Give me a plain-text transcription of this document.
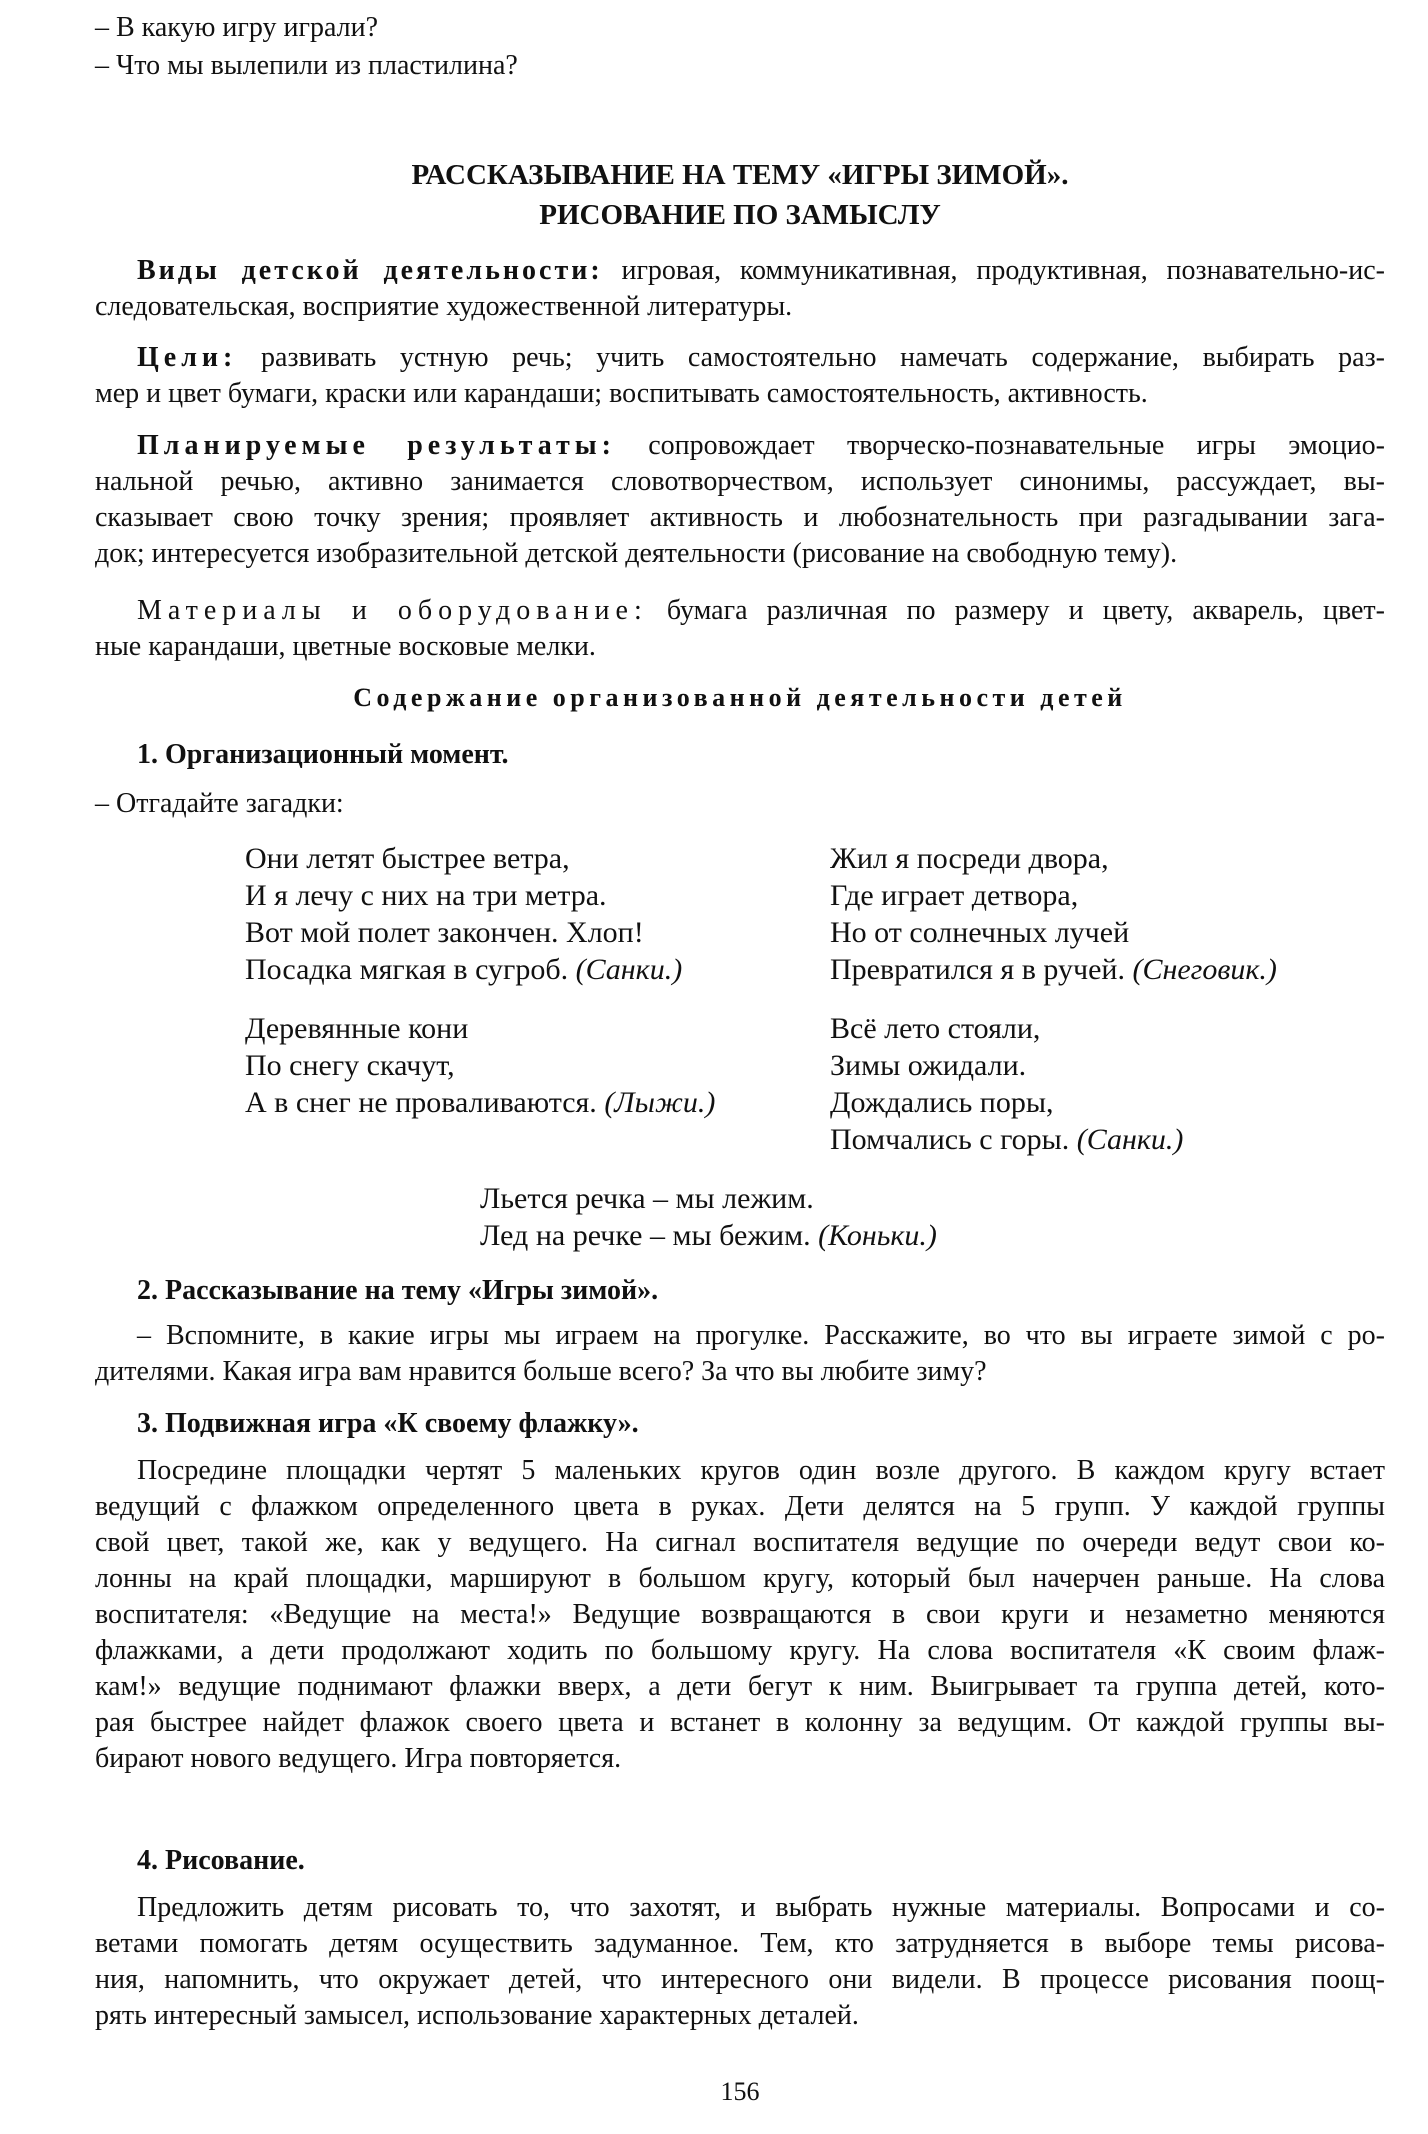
– В какую игру играли?

– Что мы вылепили из пластилина?

РАССКАЗЫВАНИЕ НА ТЕМУ «ИГРЫ ЗИМОЙ».

РИСОВАНИЕ ПО ЗАМЫСЛУ

Виды детской деятельности: игровая, коммуникативная, продуктивная, познавательно-ис-

следовательская, восприятие художественной литературы.

Цели: развивать устную речь; учить самостоятельно намечать содержание, выбирать раз-

мер и цвет бумаги, краски или карандаши; воспитывать самостоятельность, активность.

Планируемые результаты: сопровождает творческо-познавательные игры эмоцио-

нальной речью, активно занимается словотворчеством, использует синонимы, рассуждает, вы-

сказывает свою точку зрения; проявляет активность и любознательность при разгадывании зага-

док; интересуется изобразительной детской деятельности (рисование на свободную тему).

Материалы и оборудование: бумага различная по размеру и цвету, акварель, цвет-

ные карандаши, цветные восковые мелки.

Содержание организованной деятельности детей

1. Организационный момент.

– Отгадайте загадки:

Они летят быстрее ветра,

И я лечу с них на три метра.

Вот мой полет закончен. Хлоп!

Посадка мягкая в сугроб. (Санки.)

Жил я посреди двора,

Где играет детвора,

Но от солнечных лучей

Превратился я в ручей. (Снеговик.)

Деревянные кони

По снегу скачут,

А в снег не проваливаются. (Лыжи.)

Всё лето стояли,

Зимы ожидали.

Дождались поры,

Помчались с горы. (Санки.)

Льется речка – мы лежим.

Лед на речке – мы бежим. (Коньки.)

2. Рассказывание на тему «Игры зимой».

– Вспомните, в какие игры мы играем на прогулке. Расскажите, во что вы играете зимой с ро-

дителями. Какая игра вам нравится больше всего? За что вы любите зиму?

3. Подвижная игра «К своему флажку».

Посредине площадки чертят 5 маленьких кругов один возле другого. В каждом кругу встает

ведущий с флажком определенного цвета в руках. Дети делятся на 5 групп. У каждой группы

свой цвет, такой же, как у ведущего. На сигнал воспитателя ведущие по очереди ведут свои ко-

лонны на край площадки, маршируют в большом кругу, который был начерчен раньше. На слова

воспитателя: «Ведущие на места!» Ведущие возвращаются в свои круги и незаметно меняются

флажками, а дети продолжают ходить по большому кругу. На слова воспитателя «К своим флаж-

кам!» ведущие поднимают флажки вверх, а дети бегут к ним. Выигрывает та группа детей, кото-

рая быстрее найдет флажок своего цвета и встанет в колонну за ведущим. От каждой группы вы-

бирают нового ведущего. Игра повторяется.

4. Рисование.

Предложить детям рисовать то, что захотят, и выбрать нужные материалы. Вопросами и со-

ветами помогать детям осуществить задуманное. Тем, кто затрудняется в выборе темы рисова-

ния, напомнить, что окружает детей, что интересного они видели. В процессе рисования поощ-

рять интересный замысел, использование характерных деталей.

156
